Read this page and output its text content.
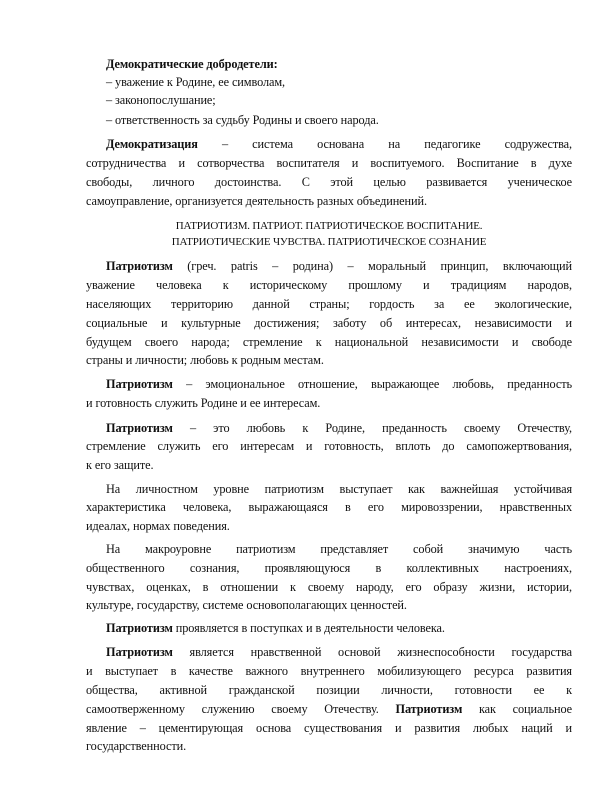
Демократические добродетели:
– уважение к Родине, ее символам,
– законопослушание;
– ответственность за судьбу Родины и своего народа.
Демократизация – система основана на педагогике содружества,
сотрудничества и сотворчества воспитателя и воспитуемого. Воспитание в духе
свободы, личного достоинства. С этой целью развивается ученическое
самоуправление, организуется деятельность разных объединений.
ПАТРИОТИЗМ. ПАТРИОТ. ПАТРИОТИЧЕСКОЕ ВОСПИТАНИЕ.
ПАТРИОТИЧЕСКИЕ ЧУВСТВА. ПАТРИОТИЧЕСКОЕ СОЗНАНИЕ
Патриотизм (греч. patris – родина) – моральный принцип, включающий
уважение человека к историческому прошлому и традициям народов,
населяющих территорию данной страны; гордость за ее экологические,
социальные и культурные достижения; заботу об интересах, независимости и
будущем своего народа; стремление к национальной независимости и свободе
страны и личности; любовь к родным местам.
Патриотизм – эмоциональное отношение, выражающее любовь, преданность
и готовность служить Родине и ее интересам.
Патриотизм – это любовь к Родине, преданность своему Отечеству,
стремление служить его интересам и готовность, вплоть до самопожертвования,
к его защите.
На личностном уровне патриотизм выступает как важнейшая устойчивая
характеристика человека, выражающаяся в его мировоззрении, нравственных
идеалах, нормах поведения.
На макроуровне патриотизм представляет собой значимую часть
общественного сознания, проявляющуюся в коллективных настроениях,
чувствах, оценках, в отношении к своему народу, его образу жизни, истории,
культуре, государству, системе основополагающих ценностей.
Патриотизм проявляется в поступках и в деятельности человека.
Патриотизм является нравственной основой жизнеспособности государства
и выступает в качестве важного внутреннего мобилизующего ресурса развития
общества, активной гражданской позиции личности, готовности ее к
самоотверженному служению своему Отечеству. Патриотизм как социальное
явление – цементирующая основа существования и развития любых наций и
государственности.
